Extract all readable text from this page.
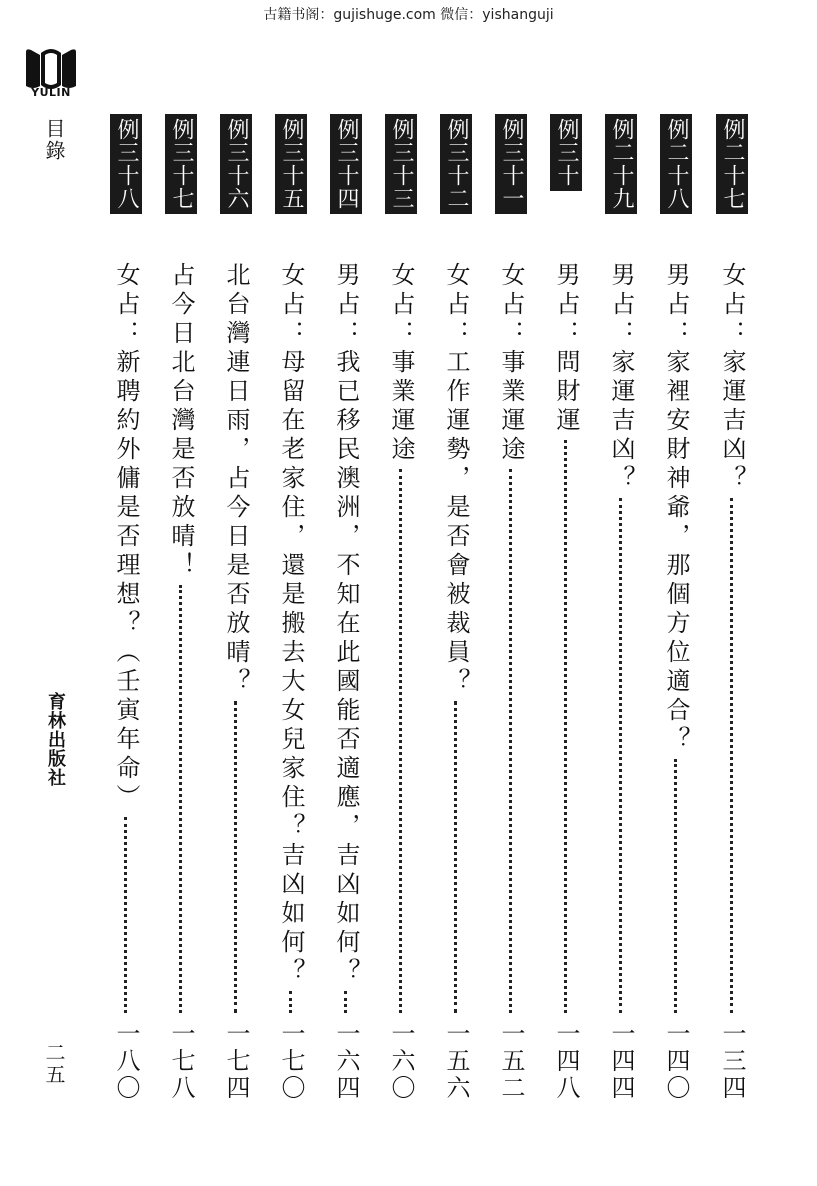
古籍书阁：gujishuge.com 微信：yishanguji
YULIN
目錄
育林出版社
二五
例二十七
女占：家運吉凶？
一三四
例二十八
男占：家裡安財神爺，那個方位適合？
一四〇
例二十九
男占：家運吉凶？
一四四
例三十
男占：問財運
一四八
例三十一
女占：事業運途
一五二
例三十二
女占：工作運勢，是否會被裁員？
一五六
例三十三
女占：事業運途
一六〇
例三十四
男占：我已移民澳洲，不知在此國能否適應，吉凶如何？
一六四
例三十五
女占：母留在老家住，還是搬去大女兒家住？吉凶如何？
一七〇
例三十六
北台灣連日雨，占今日是否放晴？
一七四
例三十七
占今日北台灣是否放晴！
一七八
例三十八
女占：新聘約外傭是否理想？（壬寅年命）
一八〇
